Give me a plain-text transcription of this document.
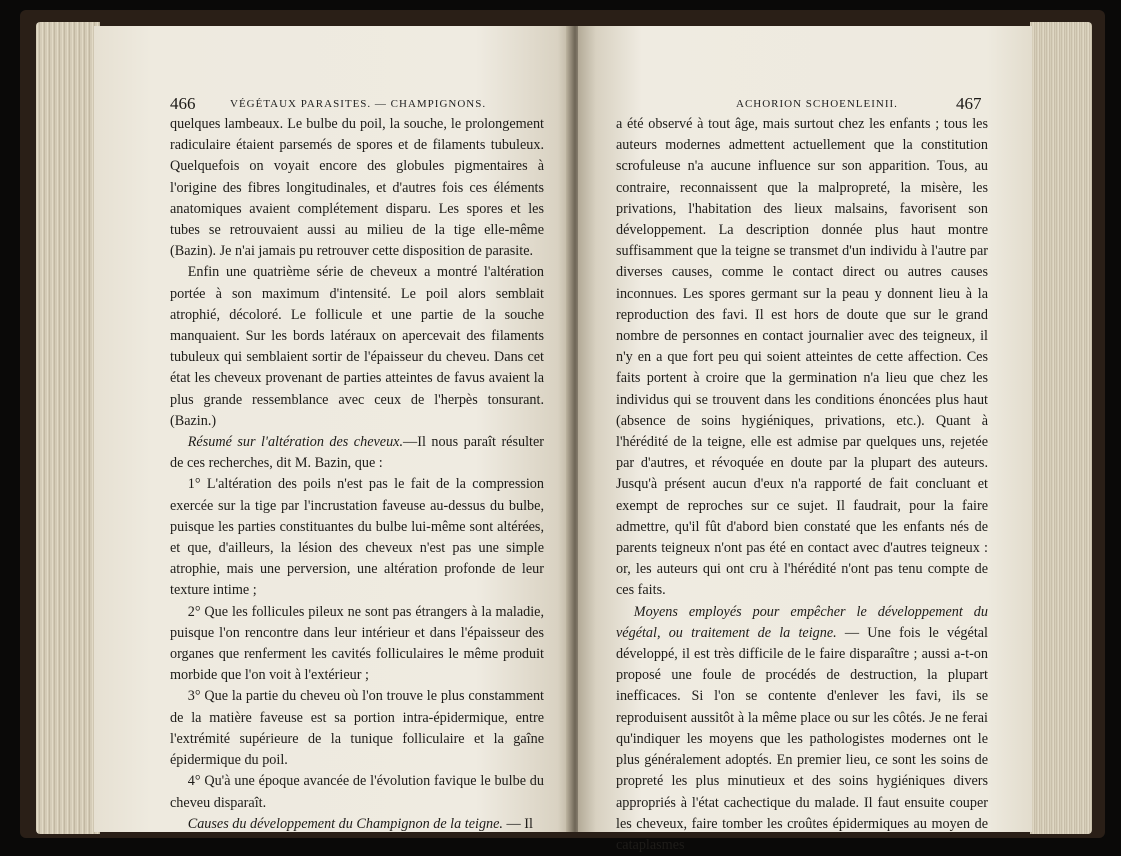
466	VÉGÉTAUX PARASITES. — CHAMPIGNONS.

quelques lambeaux. Le bulbe du poil, la souche, le prolongement radiculaire étaient parsemés de spores et de filaments tubuleux. Quelquefois on voyait encore des globules pigmentaires à l'origine des fibres longitudinales, et d'autres fois ces éléments anatomiques avaient complétement disparu. Les spores et les tubes se retrouvaient aussi au milieu de la tige elle-même (Bazin). Je n'ai jamais pu retrouver cette disposition de parasite.

Enfin une quatrième série de cheveux a montré l'altération portée à son maximum d'intensité. Le poil alors semblait atrophié, décoloré. Le follicule et une partie de la souche manquaient. Sur les bords latéraux on apercevait des filaments tubuleux qui semblaient sortir de l'épaisseur du cheveu. Dans cet état les cheveux provenant de parties atteintes de favus avaient la plus grande ressemblance avec ceux de l'herpès tonsurant. (Bazin.)

Résumé sur l'altération des cheveux.—Il nous paraît résulter de ces recherches, dit M. Bazin, que :

1° L'altération des poils n'est pas le fait de la compression exercée sur la tige par l'incrustation faveuse au-dessus du bulbe, puisque les parties constituantes du bulbe lui-même sont altérées, et que, d'ailleurs, la lésion des cheveux n'est pas une simple atrophie, mais une perversion, une altération profonde de leur texture intime ;

2° Que les follicules pileux ne sont pas étrangers à la maladie, puisque l'on rencontre dans leur intérieur et dans l'épaisseur des organes que renferment les cavités folliculaires le même produit morbide que l'on voit à l'extérieur ;

3° Que la partie du cheveu où l'on trouve le plus constamment de la matière faveuse est sa portion intra-épidermique, entre l'extrémité supérieure de la tunique folliculaire et la gaîne épidermique du poil.

4° Qu'à une époque avancée de l'évolution favique le bulbe du cheveu disparaît.

Causes du développement du Champignon de la teigne. — Il

ACHORION SCHOENLEINII.	467

a été observé à tout âge, mais surtout chez les enfants ; tous les auteurs modernes admettent actuellement que la constitution scrofuleuse n'a aucune influence sur son apparition. Tous, au contraire, reconnaissent que la malpropreté, la misère, les privations, l'habitation des lieux malsains, favorisent son développement. La description donnée plus haut montre suffisamment que la teigne se transmet d'un individu à l'autre par diverses causes, comme le contact direct ou autres causes inconnues. Les spores germant sur la peau y donnent lieu à la reproduction des favi. Il est hors de doute que sur le grand nombre de personnes en contact journalier avec des teigneux, il n'y en a que fort peu qui soient atteintes de cette affection. Ces faits portent à croire que la germination n'a lieu que chez les individus qui se trouvent dans les conditions énoncées plus haut (absence de soins hygiéniques, privations, etc.). Quant à l'hérédité de la teigne, elle est admise par quelques uns, rejetée par d'autres, et révoquée en doute par la plupart des auteurs. Jusqu'à présent aucun d'eux n'a rapporté de fait concluant et exempt de reproches sur ce sujet. Il faudrait, pour la faire admettre, qu'il fût d'abord bien constaté que les enfants nés de parents teigneux n'ont pas été en contact avec d'autres teigneux : or, les auteurs qui ont cru à l'hérédité n'ont pas tenu compte de ces faits.

Moyens employés pour empêcher le développement du végétal, ou traitement de la teigne. — Une fois le végétal développé, il est très difficile de le faire disparaître ; aussi a-t-on proposé une foule de procédés de destruction, la plupart inefficaces. Si l'on se contente d'enlever les favi, ils se reproduisent aussitôt à la même place ou sur les côtés. Je ne ferai qu'indiquer les moyens que les pathologistes modernes ont le plus généralement adoptés. En premier lieu, ce sont les soins de propreté les plus minutieux et des soins hygiéniques divers appropriés à l'état cachectique du malade. Il faut ensuite couper les cheveux, faire tomber les croûtes épidermiques au moyen de cataplasmes
